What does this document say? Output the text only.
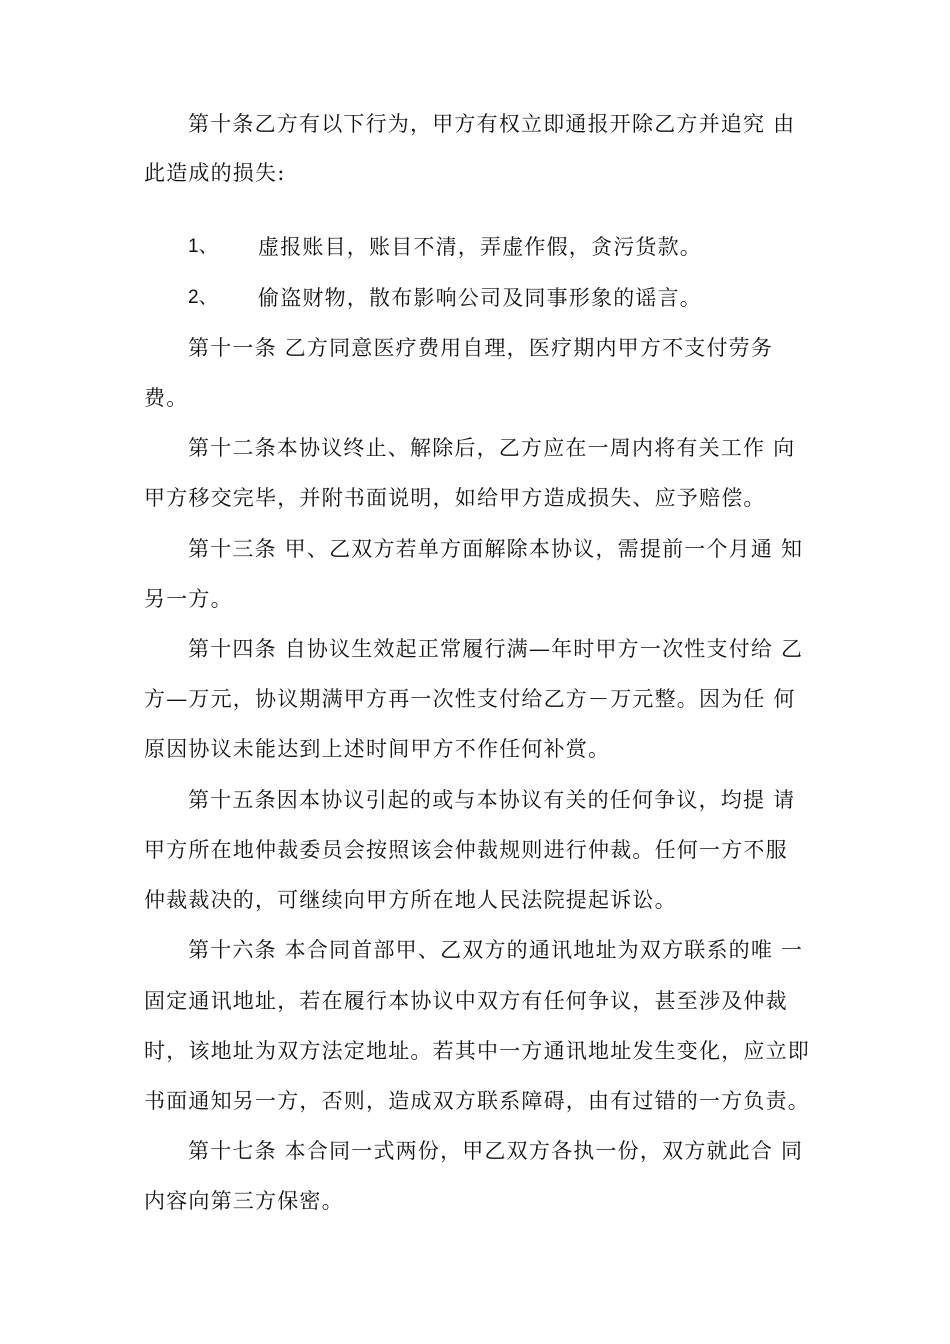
第十条乙方有以下行为，甲方有权立即通报开除乙方并追究 由
此造成的损失:
1、 虚报账目，账目不清，弄虚作假，贪污货款。
2、 偷盗财物，散布影响公司及同事形象的谣言。
第十一条 乙方同意医疗费用自理，医疗期内甲方不支付劳务
费。
第十二条本协议终止、解除后，乙方应在一周内将有关工作 向
甲方移交完毕，并附书面说明，如给甲方造成损失、应予赔偿。
第十三条 甲、乙双方若单方面解除本协议，需提前一个月通 知
另一方。
第十四条 自协议生效起正常履行满—年时甲方一次性支付给 乙
方—万元，协议期满甲方再一次性支付给乙方－万元整。因为任 何
原因协议未能达到上述时间甲方不作任何补赏。
第十五条因本协议引起的或与本协议有关的任何争议，均提 请
甲方所在地仲裁委员会按照该会仲裁规则进行仲裁。任何一方不服
仲裁裁决的，可继续向甲方所在地人民法院提起诉讼。
第十六条 本合同首部甲、乙双方的通讯地址为双方联系的唯 一
固定通讯地址，若在履行本协议中双方有任何争议，甚至涉及仲裁
时，该地址为双方法定地址。若其中一方通讯地址发生变化，应立即
书面通知另一方，否则，造成双方联系障碍，由有过错的一方负责。
第十七条 本合同一式两份，甲乙双方各执一份，双方就此合 同
内容向第三方保密。
